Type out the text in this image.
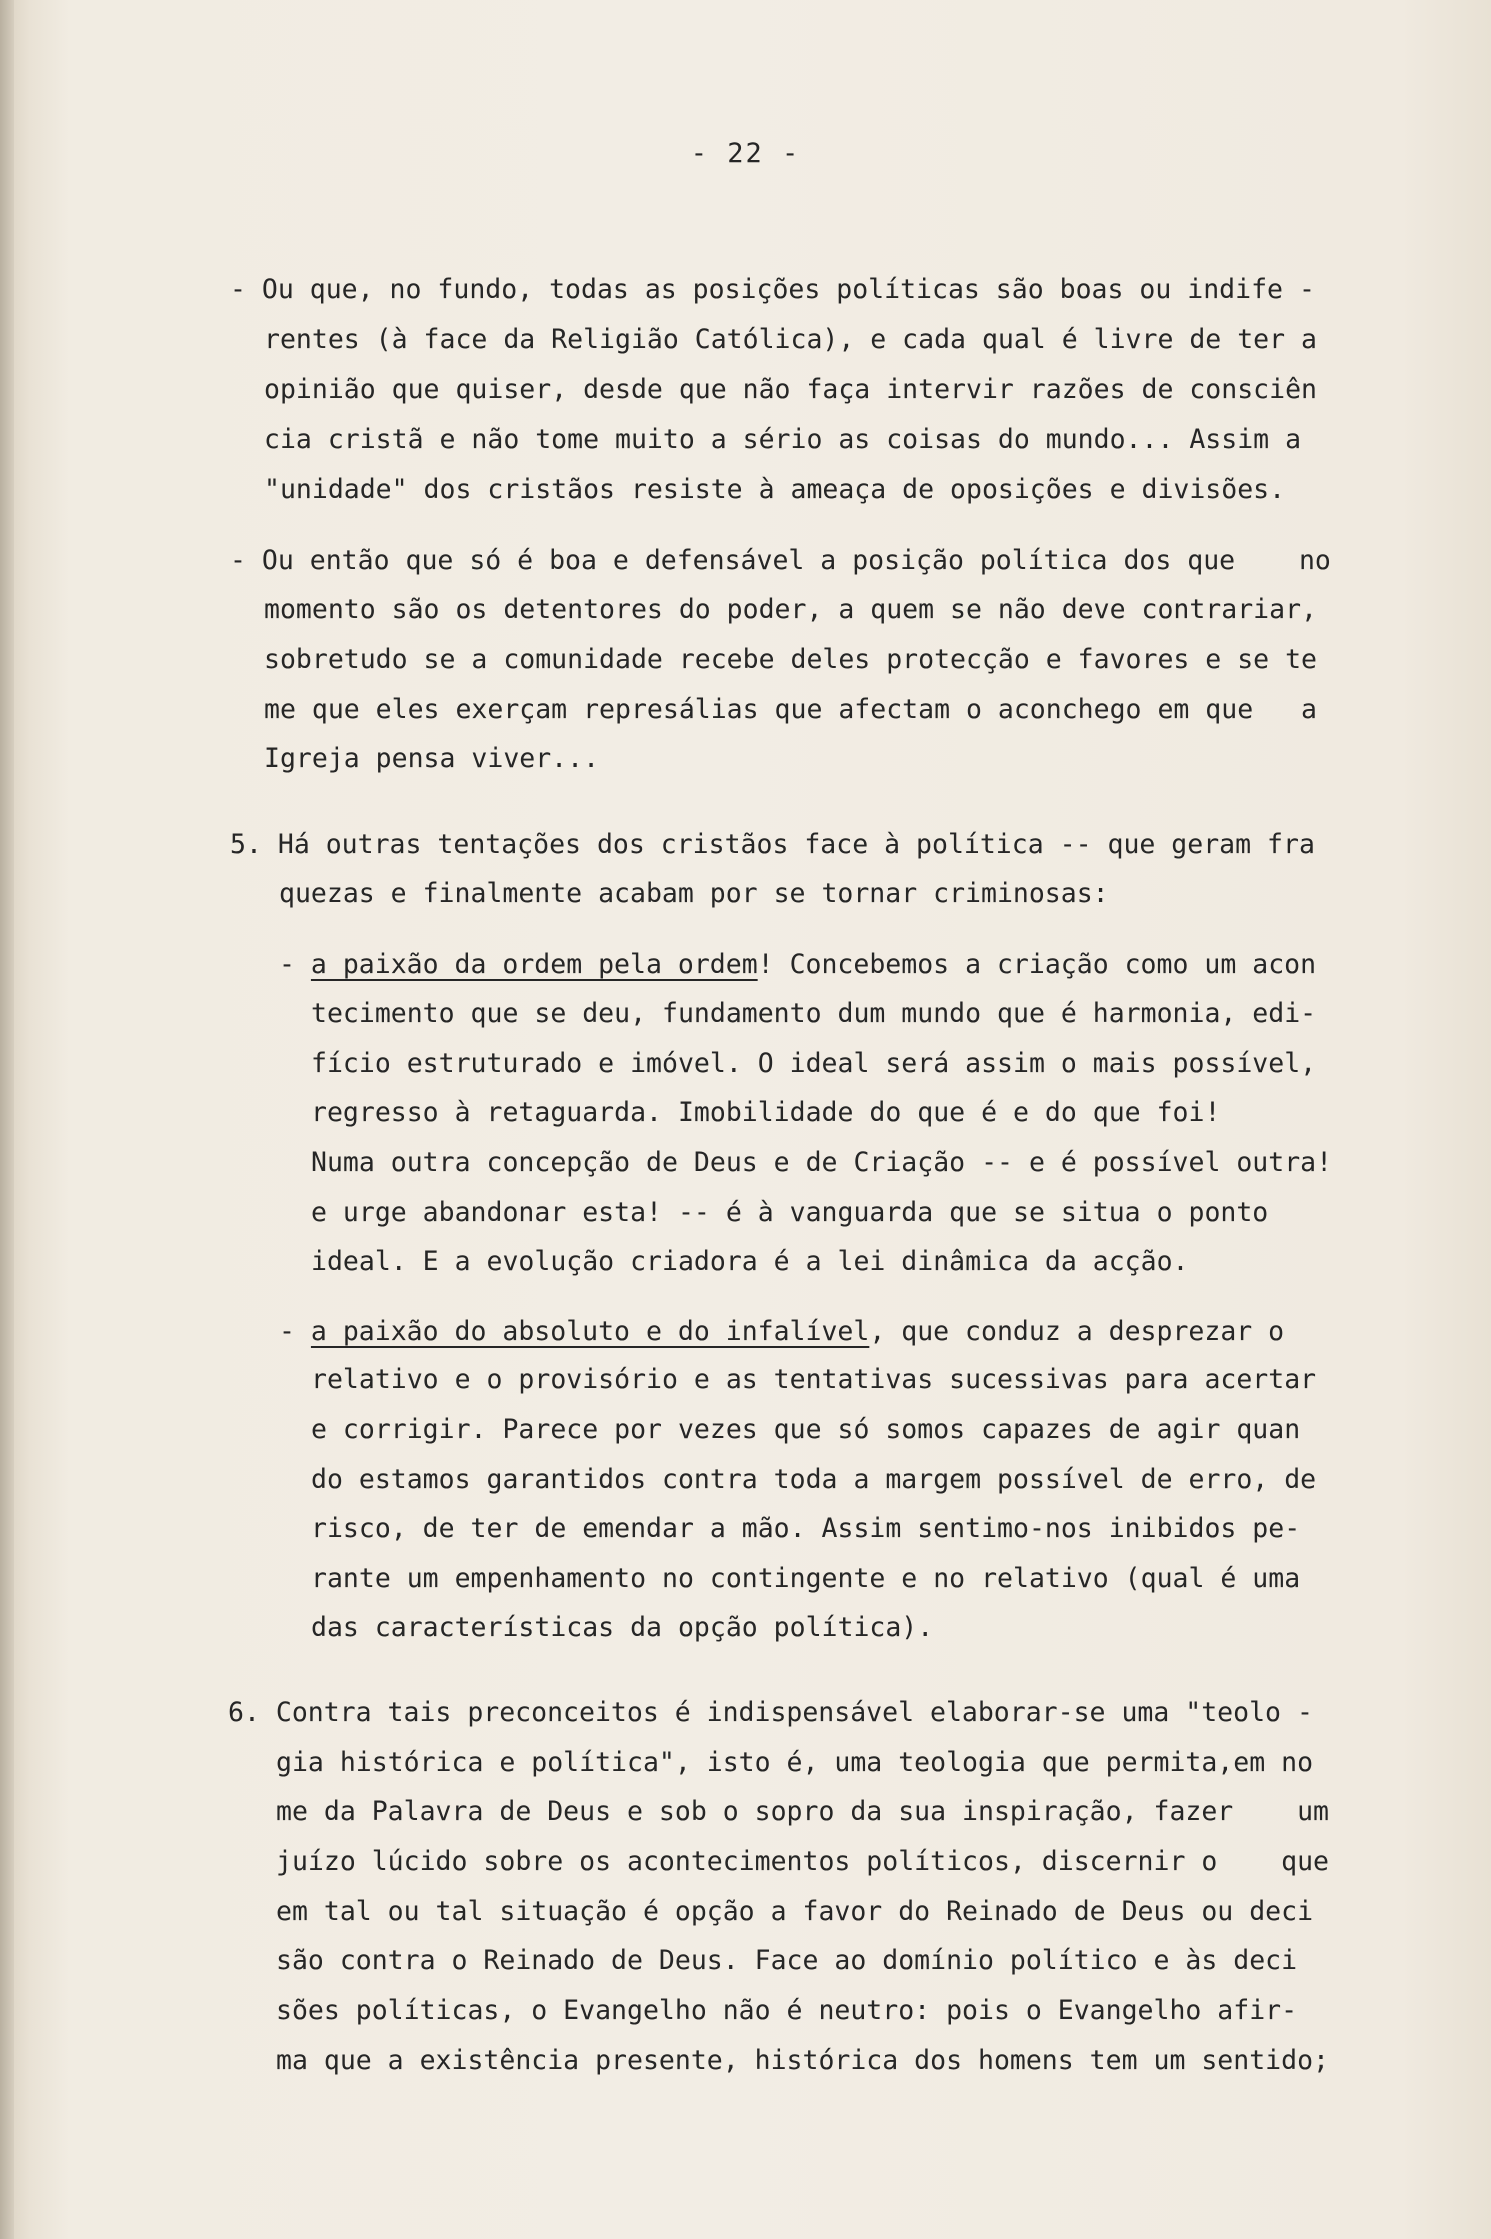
- 22 -
- Ou que, no fundo, todas as posições políticas são boas ou indife -
rentes (à face da Religião Católica), e cada qual é livre de ter a
opinião que quiser, desde que não faça intervir razões de consciên
cia cristã e não tome muito a sério as coisas do mundo... Assim a
"unidade" dos cristãos resiste à ameaça de oposições e divisões.
- Ou então que só é boa e defensável a posição política dos que    no
momento são os detentores do poder, a quem se não deve contrariar,
sobretudo se a comunidade recebe deles protecção e favores e se te
me que eles exerçam represálias que afectam o aconchego em que   a
Igreja pensa viver...
5. Há outras tentações dos cristãos face à política -- que geram fra
quezas e finalmente acabam por se tornar criminosas:
- a paixão da ordem pela ordem! Concebemos a criação como um acon
tecimento que se deu, fundamento dum mundo que é harmonia, edi-
fício estruturado e imóvel. O ideal será assim o mais possível,
regresso à retaguarda. Imobilidade do que é e do que foi!
Numa outra concepção de Deus e de Criação -- e é possível outra!
e urge abandonar esta! -- é à vanguarda que se situa o ponto
ideal. E a evolução criadora é a lei dinâmica da acção.
- a paixão do absoluto e do infalível, que conduz a desprezar o
relativo e o provisório e as tentativas sucessivas para acertar
e corrigir. Parece por vezes que só somos capazes de agir quan
do estamos garantidos contra toda a margem possível de erro, de
risco, de ter de emendar a mão. Assim sentimo-nos inibidos pe-
rante um empenhamento no contingente e no relativo (qual é uma
das características da opção política).
6. Contra tais preconceitos é indispensável elaborar-se uma "teolo -
gia histórica e política", isto é, uma teologia que permita,em no
me da Palavra de Deus e sob o sopro da sua inspiração, fazer    um
juízo lúcido sobre os acontecimentos políticos, discernir o    que
em tal ou tal situação é opção a favor do Reinado de Deus ou deci
são contra o Reinado de Deus. Face ao domínio político e às deci
sões políticas, o Evangelho não é neutro: pois o Evangelho afir-
ma que a existência presente, histórica dos homens tem um sentido;
